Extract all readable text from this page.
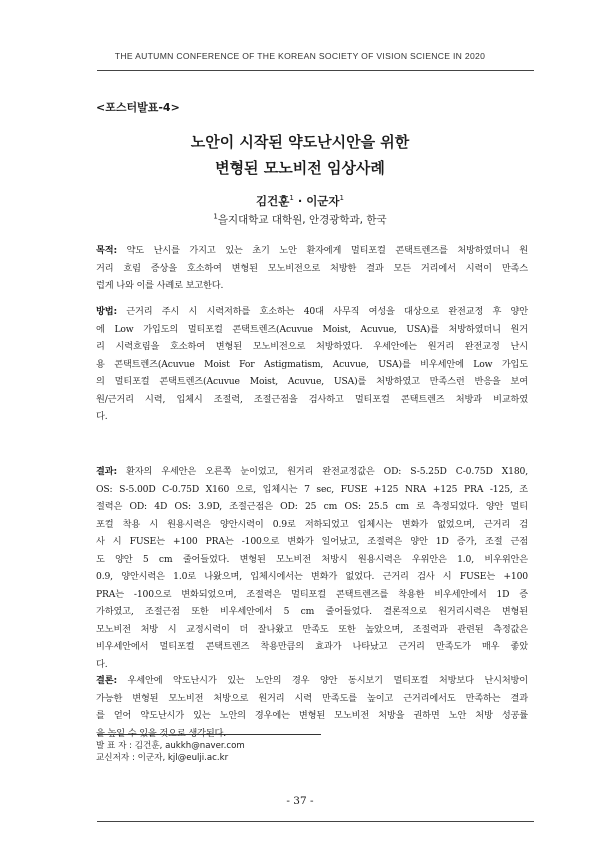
THE AUTUMN CONFERENCE OF THE KOREAN SOCIETY OF VISION SCIENCE IN 2020
<포스터발표-4>
노안이 시작된 약도난시안을 위한
변형된 모노비전 임상사례
김건훈$^1$ · 이군자$^1$
$^1$을지대학교 대학원, 안경광학과, 한국
목적: 약도 난시를 가지고 있는 초기 노안 환자에게 멀티포컬 콘택트렌즈를 처방하였더니 원
거리 흐림 증상을 호소하여 변형된 모노비전으로 처방한 결과 모든 거리에서 시력이 만족스
럽게 나와 이를 사례로 보고한다.
방법: 근거리 주시 시 시력저하를 호소하는 40대 사무직 여성을 대상으로 완전교정 후 양안
에 Low 가입도의 멀티포컬 콘택트렌즈(Acuvue Moist, Acuvue, USA)를 처방하였더니 원거
리 시력흐림을 호소하여 변형된 모노비전으로 처방하였다. 우세안에는 원거리 완전교정 난시
용 콘택트렌즈(Acuvue Moist For Astigmatism, Acuvue, USA)를 비우세안에 Low 가입도
의 멀티포컬 콘택트렌즈(Acuvue Moist, Acuvue, USA)를 처방하였고 만족스런 반응을 보여
원/근거리 시력, 입체시 조절력, 조절근점을 검사하고 멀티포컬 콘택트렌즈 처방과 비교하였
다.
결과: 환자의 우세안은 오른쪽 눈이었고, 원거리 완전교정값은 OD: S-5.25D C-0.75D X180,
OS: S-5.00D C-0.75D X160 으로, 입체시는 7 sec, FUSE +125 NRA +125 PRA -125, 조
절력은 OD: 4D OS: 3.9D, 조절근점은 OD: 25 cm OS: 25.5 cm 로 측정되었다. 양안 멀티
포컬 착용 시 원용시력은 양안시력이 0.9로 저하되었고 입체시는 변화가 없었으며, 근거리 검
사 시 FUSE는 +100 PRA는 -100으로 변화가 일어났고, 조절력은 양안 1D 증가, 조절 근점
도 양안 5 cm 줄어들었다. 변형된 모노비전 처방시 원용시력은 우위안은 1.0, 비우위안은
0.9, 양안시력은 1.0로 나왔으며, 입체시에서는 변화가 없었다. 근거리 검사 시 FUSE는 +100
PRA는 -100으로 변화되었으며, 조절력은 멀티포컬 콘택트렌즈를 착용한 비우세안에서 1D 증
가하였고, 조절근점 또한 비우세안에서 5 cm 줄어들었다. 결론적으로 원거리시력은 변형된
모노비전 처방 시 교정시력이 더 잘나왔고 만족도 또한 높았으며, 조절력과 관련된 측정값은
비우세안에서 멀티포컬 콘택트렌즈 착용만큼의 효과가 나타났고 근거리 만족도가 매우 좋았
다.
결론: 우세안에 약도난시가 있는 노안의 경우 양안 동시보기 멀티포컬 처방보다 난시처방이
가능한 변형된 모노비전 처방으로 원거리 시력 만족도를 높이고 근거리에서도 만족하는 결과
를 얻어 약도난시가 있는 노안의 경우에는 변형된 모노비전 처방을 권하면 노안 처방 성공률
을 높일 수 있을 것으로 생각된다.
발 표 자 : 김건훈, aukkh@naver.com
교신저자 : 이군자, kjl@eulji.ac.kr
- 37 -
